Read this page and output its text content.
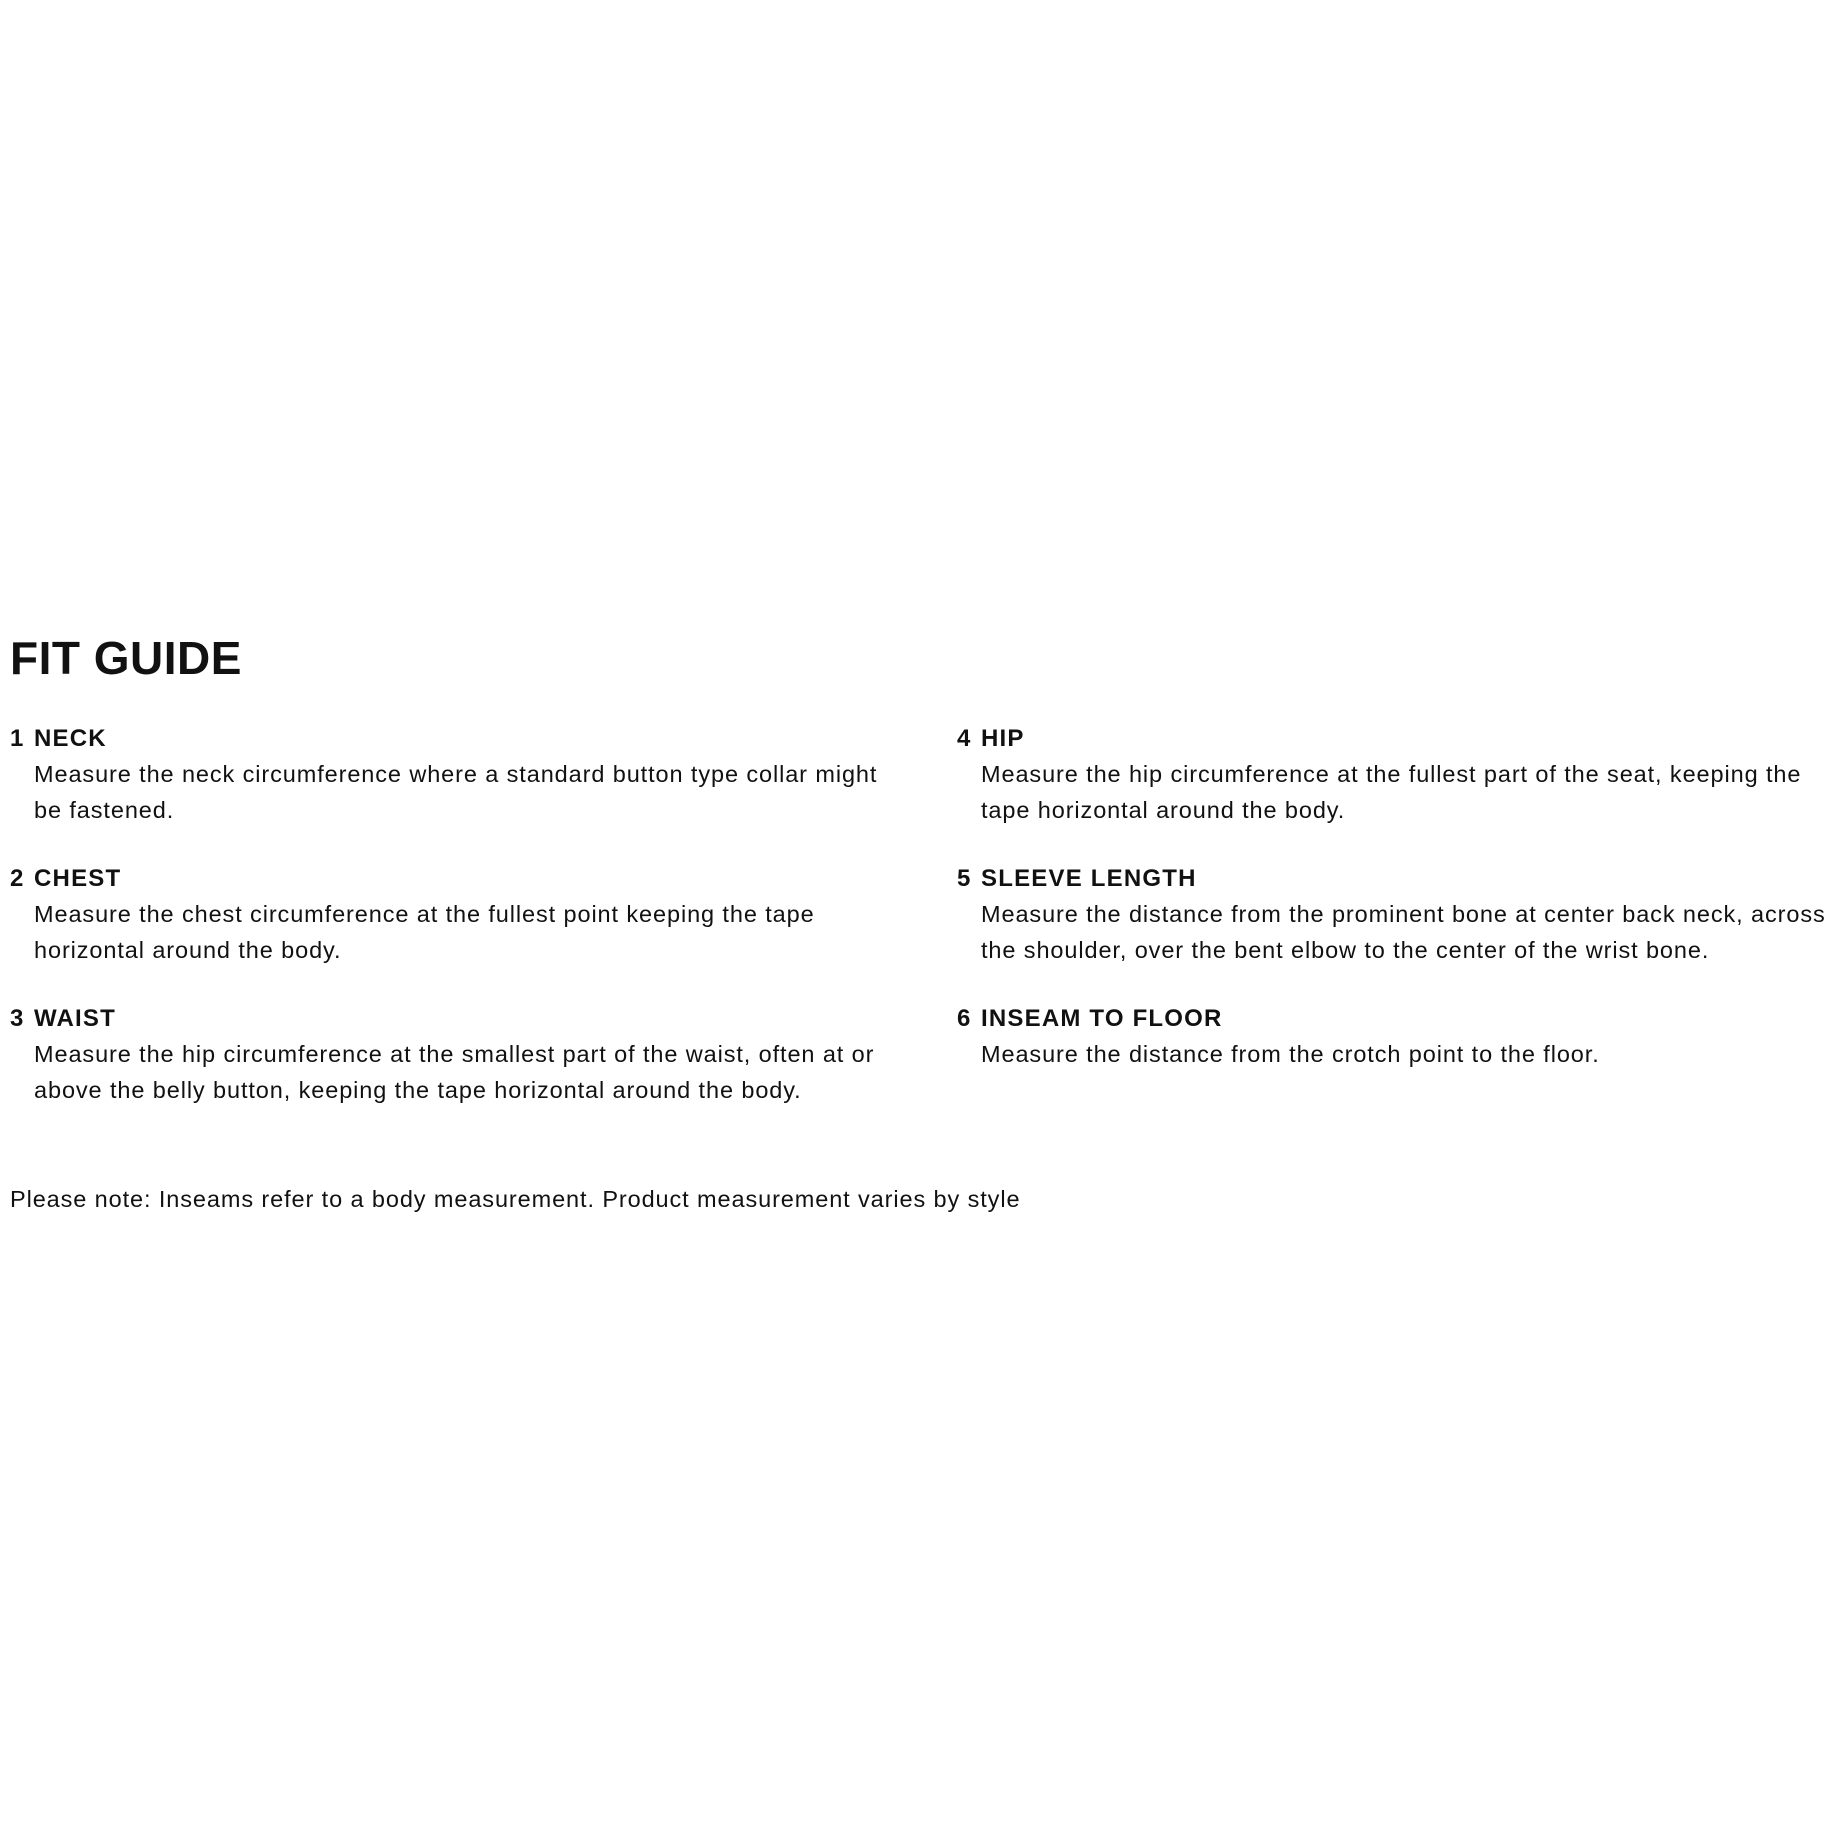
FIT GUIDE
1 NECK
Measure the neck circumference where a standard button type collar might be fastened.
2 CHEST
Measure the chest circumference at the fullest point keeping the tape horizontal around the body.
3 WAIST
Measure the hip circumference at the smallest part of the waist, often at or above the belly button, keeping the tape horizontal around the body.
4 HIP
Measure the hip circumference at the fullest part of the seat, keeping the tape horizontal around the body.
5 SLEEVE LENGTH
Measure the distance from the prominent bone at center back neck, across the shoulder, over the bent elbow to the center of the wrist bone.
6 INSEAM TO FLOOR
Measure the distance from the crotch point to the floor.

Please note: Inseams refer to a body measurement. Product measurement varies by style
